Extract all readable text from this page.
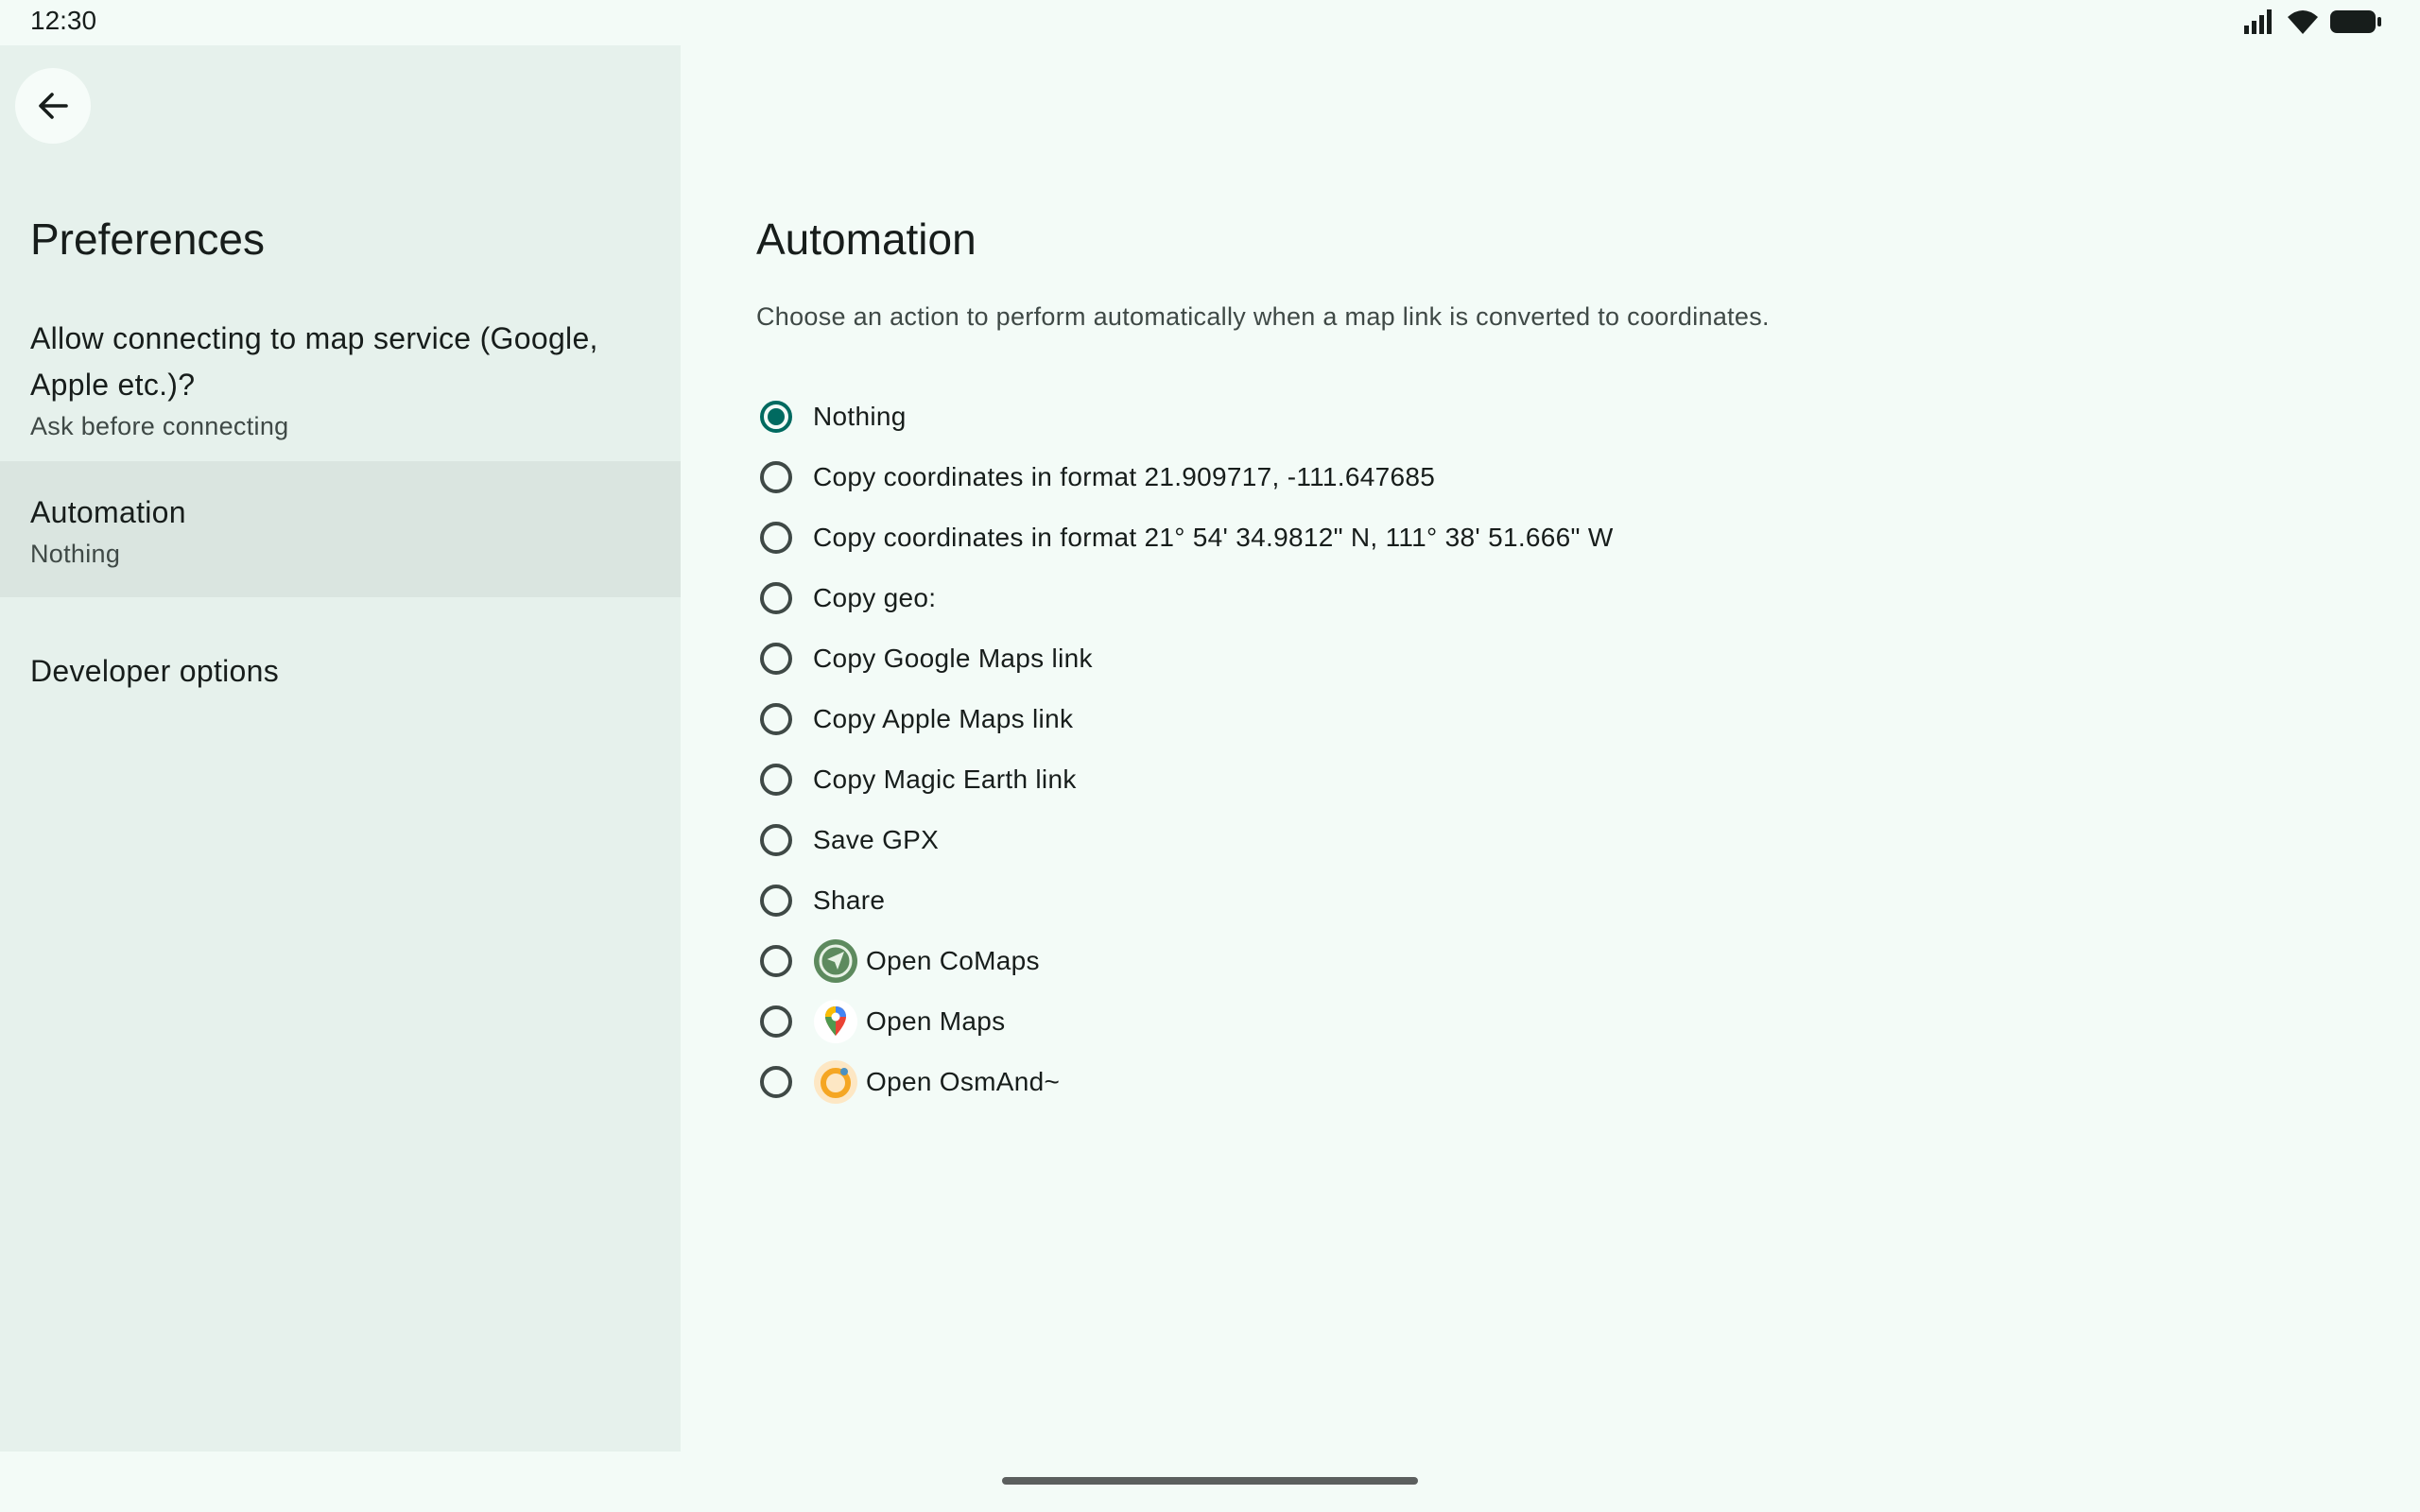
12:30
Preferences
Allow connecting to map service (Google, Apple etc.)?
Ask before connecting
Automation
Nothing
Developer options
Automation
Choose an action to perform automatically when a map link is converted to coordinates.
Nothing
Copy coordinates in format 21.909717, -111.647685
Copy coordinates in format 21° 54' 34.9812" N, 111° 38' 51.666" W
Copy geo:
Copy Google Maps link
Copy Apple Maps link
Copy Magic Earth link
Save GPX
Share
Open CoMaps
Open Maps
Open OsmAnd~
